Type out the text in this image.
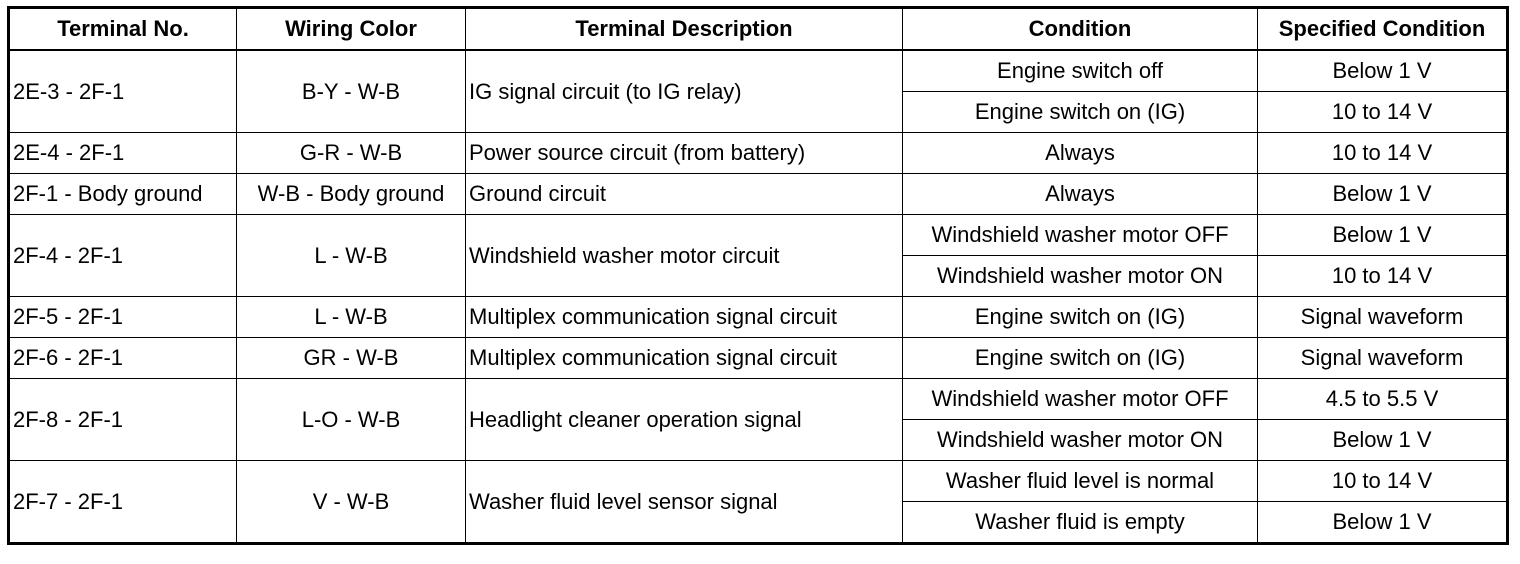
Terminal No.	Wiring Color	Terminal Description	Condition	Specified Condition
2E-3 - 2F-1	B-Y - W-B	IG signal circuit (to IG relay)	Engine switch off	Below 1 V
			Engine switch on (IG)	10 to 14 V
2E-4 - 2F-1	G-R - W-B	Power source circuit (from battery)	Always	10 to 14 V
2F-1 - Body ground	W-B - Body ground	Ground circuit	Always	Below 1 V
2F-4 - 2F-1	L - W-B	Windshield washer motor circuit	Windshield washer motor OFF	Below 1 V
			Windshield washer motor ON	10 to 14 V
2F-5 - 2F-1	L - W-B	Multiplex communication signal circuit	Engine switch on (IG)	Signal waveform
2F-6 - 2F-1	GR - W-B	Multiplex communication signal circuit	Engine switch on (IG)	Signal waveform
2F-8 - 2F-1	L-O - W-B	Headlight cleaner operation signal	Windshield washer motor OFF	4.5 to 5.5 V
			Windshield washer motor ON	Below 1 V
2F-7 - 2F-1	V - W-B	Washer fluid level sensor signal	Washer fluid level is normal	10 to 14 V
			Washer fluid is empty	Below 1 V
